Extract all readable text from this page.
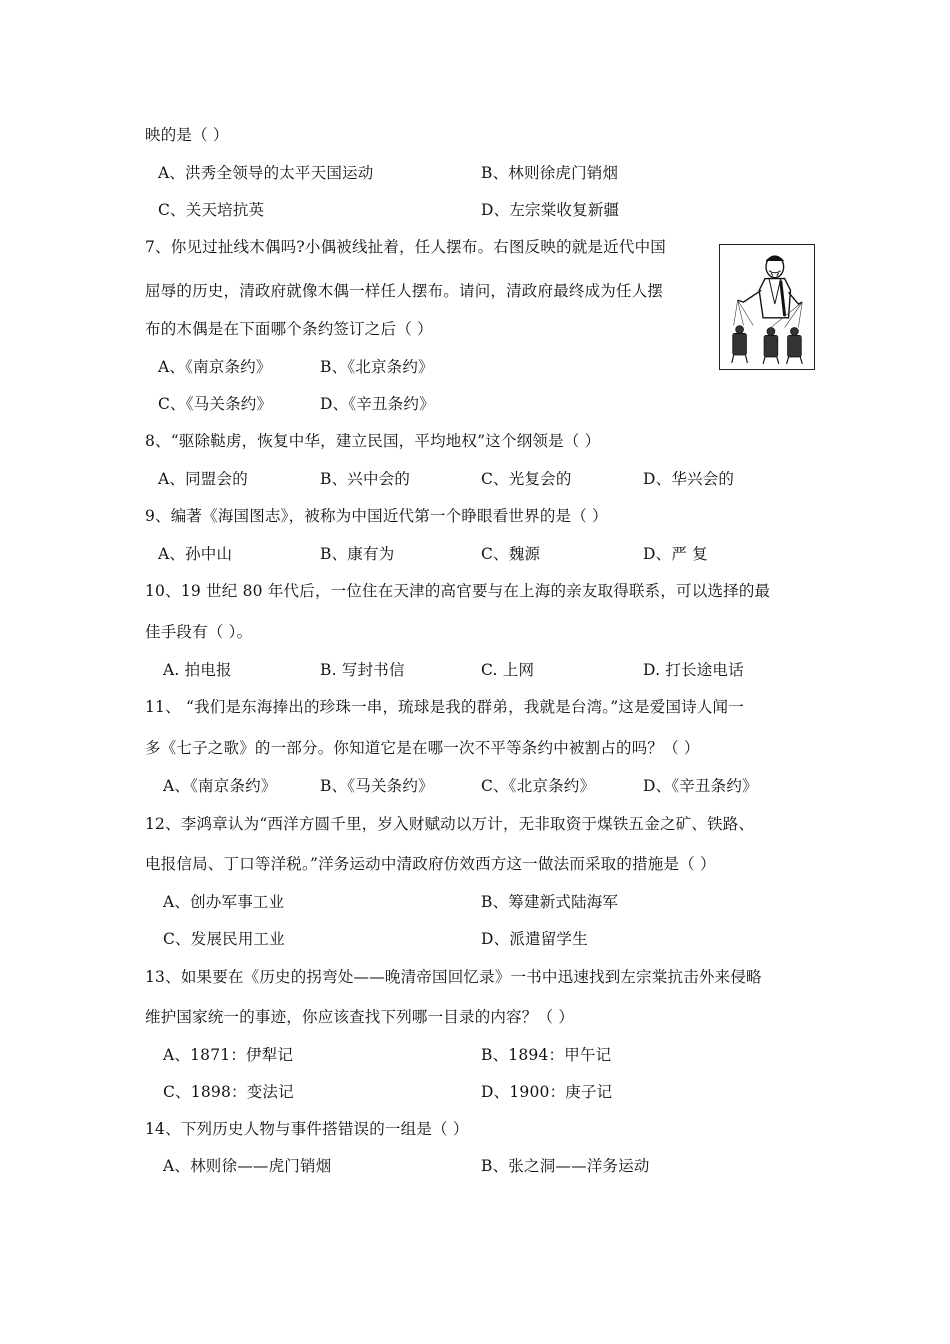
映的是（ ）
A、洪秀全领导的太平天国运动	B、林则徐虎门销烟
C、关天培抗英	D、左宗棠收复新疆
7、你见过扯线木偶吗?小偶被线扯着，任人摆布。右图反映的就是近代中国
屈辱的历史，清政府就像木偶一样任人摆布。请问，清政府最终成为任人摆
布的木偶是在下面哪个条约签订之后（ ）
A、《南京条约》	B、《北京条约》
C、《马关条约》	D、《辛丑条约》
8、“驱除鞑虏，恢复中华，建立民国，平均地权”这个纲领是（ ）
A、同盟会的	B、兴中会的	C、光复会的	D、华兴会的
9、编著《海国图志》，被称为中国近代第一个睁眼看世界的是（ ）
A、孙中山	B、康有为	C、魏源	D、严 复
10、19 世纪 80 年代后，一位住在天津的高官要与在上海的亲友取得联系，可以选择的最
佳手段有（ ）。
A. 拍电报	B. 写封书信	C. 上网	D. 打长途电话
11、 “我们是东海捧出的珍珠一串，琉球是我的群弟，我就是台湾。”这是爱国诗人闻一
多《七子之歌》的一部分。你知道它是在哪一次不平等条约中被割占的吗？（ ）
A、《南京条约》	B、《马关条约》	C、《北京条约》	D、《辛丑条约》
12、李鸿章认为“西洋方圆千里，岁入财赋动以万计，无非取资于煤铁五金之矿、铁路、
电报信局、丁口等洋税。”洋务运动中清政府仿效西方这一做法而采取的措施是（ ）
A、创办军事工业	B、筹建新式陆海军
C、发展民用工业	D、派遣留学生
13、如果要在《历史的拐弯处——晚清帝国回忆录》一书中迅速找到左宗棠抗击外来侵略
维护国家统一的事迹，你应该查找下列哪一目录的内容？（ ）
A、1871：伊犁记	B、1894：甲午记
C、1898：变法记	D、1900：庚子记
14、下列历史人物与事件搭错误的一组是（ ）
A、林则徐——虎门销烟	B、张之洞——洋务运动
